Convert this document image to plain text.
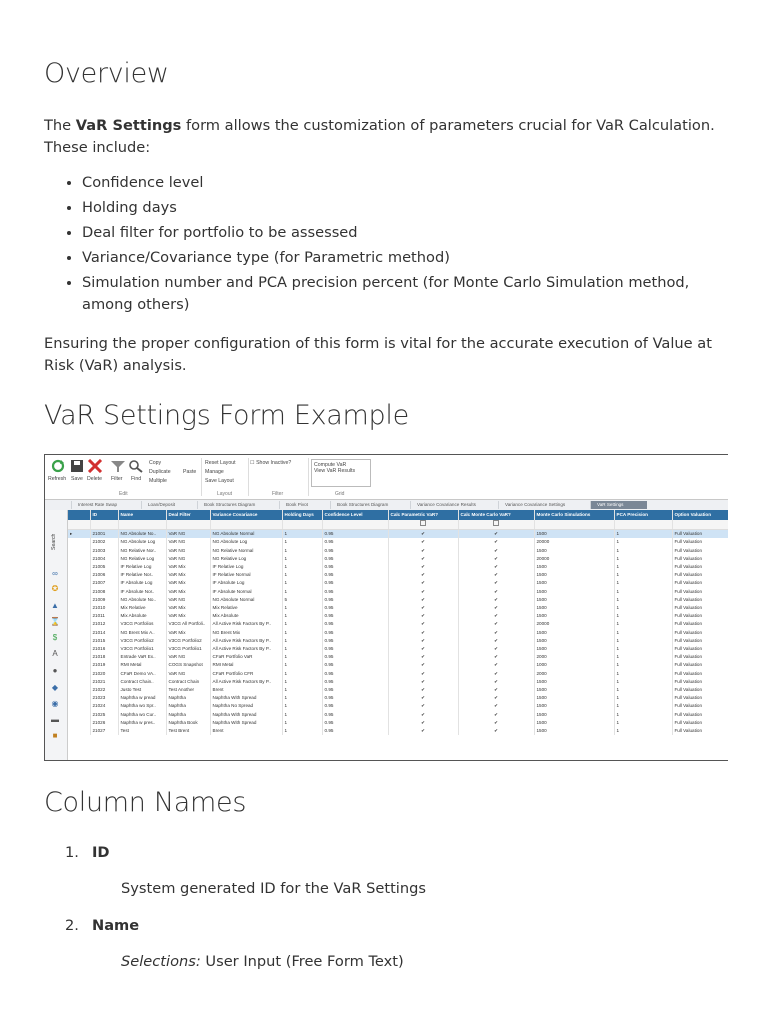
Overview

The VaR Settings form allows the customization of parameters crucial for VaR Calculation. These include:

• Confidence level
• Holding days
• Deal filter for portfolio to be assessed
• Variance/Covariance type (for Parametric method)
• Simulation number and PCA precision percent (for Monte Carlo Simulation method, among others)

Ensuring the proper configuration of this form is vital for the accurate execution of Value at Risk (VaR) analysis.

VaR Settings Form Example
Refresh Save Delete Filter Find
Copy
Duplicate
Multiple
Paste
Reset Layout
Manage
Save Layout
☐ Show Inactive?	Compute VaR
View VaR Results
Edit	Layout	Filter	Grid
Interest Rate Swap	Loan/Deposit	Book Structures Diagram	Book Pivot	Book Structures Diagram	Variance Covariance Results	Variance Covariance Settings	VaR Settings
Search
∞
✪
▲
⌛
$
A
●
◆
◉
▬
■
	ID	Name	Deal Filter	Variance Covariance	Holding Days	Confidence Level	Calc Parametric VaR?	Calc Monte Carlo VaR?	Monte Carlo Simulations	PCA Precision	Option Valuation

▸	21001	NG Absolute No..	VaR NG	NG Absolute Normal	1	0.95	✔	✔	1500	1	Full Valuation
	21002	NG Absolute Log	VaR NG	NG Absolute Log	1	0.95	✔	✔	20000	1	Full Valuation
	21003	NG Relative Nor..	VaR NG	NG Relative Normal	1	0.95	✔	✔	1500	1	Full Valuation
	21004	NG Relative Log	VaR NG	NG Relative Log	1	0.95	✔	✔	20000	1	Full Valuation
	21005	IF Relative Log	VaR Mix	IF Relative Log	1	0.95	✔	✔	1500	1	Full Valuation
	21006	IF Relative Nor..	VaR Mix	IF Relative Normal	1	0.95	✔	✔	1500	1	Full Valuation
	21007	IF Absolute Log	VaR Mix	IF Absolute Log	1	0.95	✔	✔	1500	1	Full Valuation
	21008	IF Absolute Nor..	VaR Mix	IF Absolute Normal	1	0.95	✔	✔	1500	1	Full Valuation
	21009	NG Absolute No..	VaR NG	NG Absolute Normal	5	0.95	✔	✔	1500	1	Full Valuation
	21010	Mix Relative	VaR Mix	Mix Relative	1	0.95	✔	✔	1500	1	Full Valuation
	21011	Mix Absolute	VaR Mix	Mix Absolute	1	0.95	✔	✔	1500	1	Full Valuation
	21012	V3CG Portfolios	V3CG All Portfoli..	All Active Risk Factors By P..	1	0.95	✔	✔	20000	1	Full Valuation
	21014	NG Brent Mix A..	VaR Mix	NG Brent Mix	1	0.95	✔	✔	1500	1	Full Valuation
	21015	V3CG Portfolio2	V3CG Portfolio2	All Active Risk Factors By P..	1	0.95	✔	✔	1500	1	Full Valuation
	21016	V3CG Portfolio1	V3CG Portfolio1	All Active Risk Factors By P..	1	0.95	✔	✔	1500	1	Full Valuation
	21018	Entrade VaR Ex..	VaR NG	CFaR Portfolio VaR	1	0.95	✔	✔	2000	1	Full Valuation
	21019	RMI Metal	COGS Snapshot	RMI Metal	1	0.95	✔	✔	1000	1	Full Valuation
	21020	CFaR Demo VA..	VaR NG	CFaR Portfolio CFR	1	0.95	✔	✔	2000	1	Full Valuation
	21021	Contract Chain..	Contract Chain	All Active Risk Factors By P..	1	0.95	✔	✔	1500	1	Full Valuation
	21022	Justo Test	Test Another	Brent	1	0.95	✔	✔	1500	1	Full Valuation
	21023	Naphtha w pread	Naphtha	Naphtha With Spread	1	0.95	✔	✔	1500	1	Full Valuation
	21024	Naphtha wo Spr..	Naphtha	Naphtha No Spread	1	0.95	✔	✔	1500	1	Full Valuation
	21025	Naphtha wo Cur..	Naphtha	Naphtha With Spread	1	0.95	✔	✔	1500	1	Full Valuation
	21026	Naphtha w pres..	Naphtha Book	Naphtha With Spread	1	0.95	✔	✔	1500	1	Full Valuation
	21027	Test	Test Brent	Brent	1	0.95	✔	✔	1500	1	Full Valuation
Column Names
1. ID
System generated ID for the VaR Settings
2. Name
Selections: User Input (Free Form Text)
